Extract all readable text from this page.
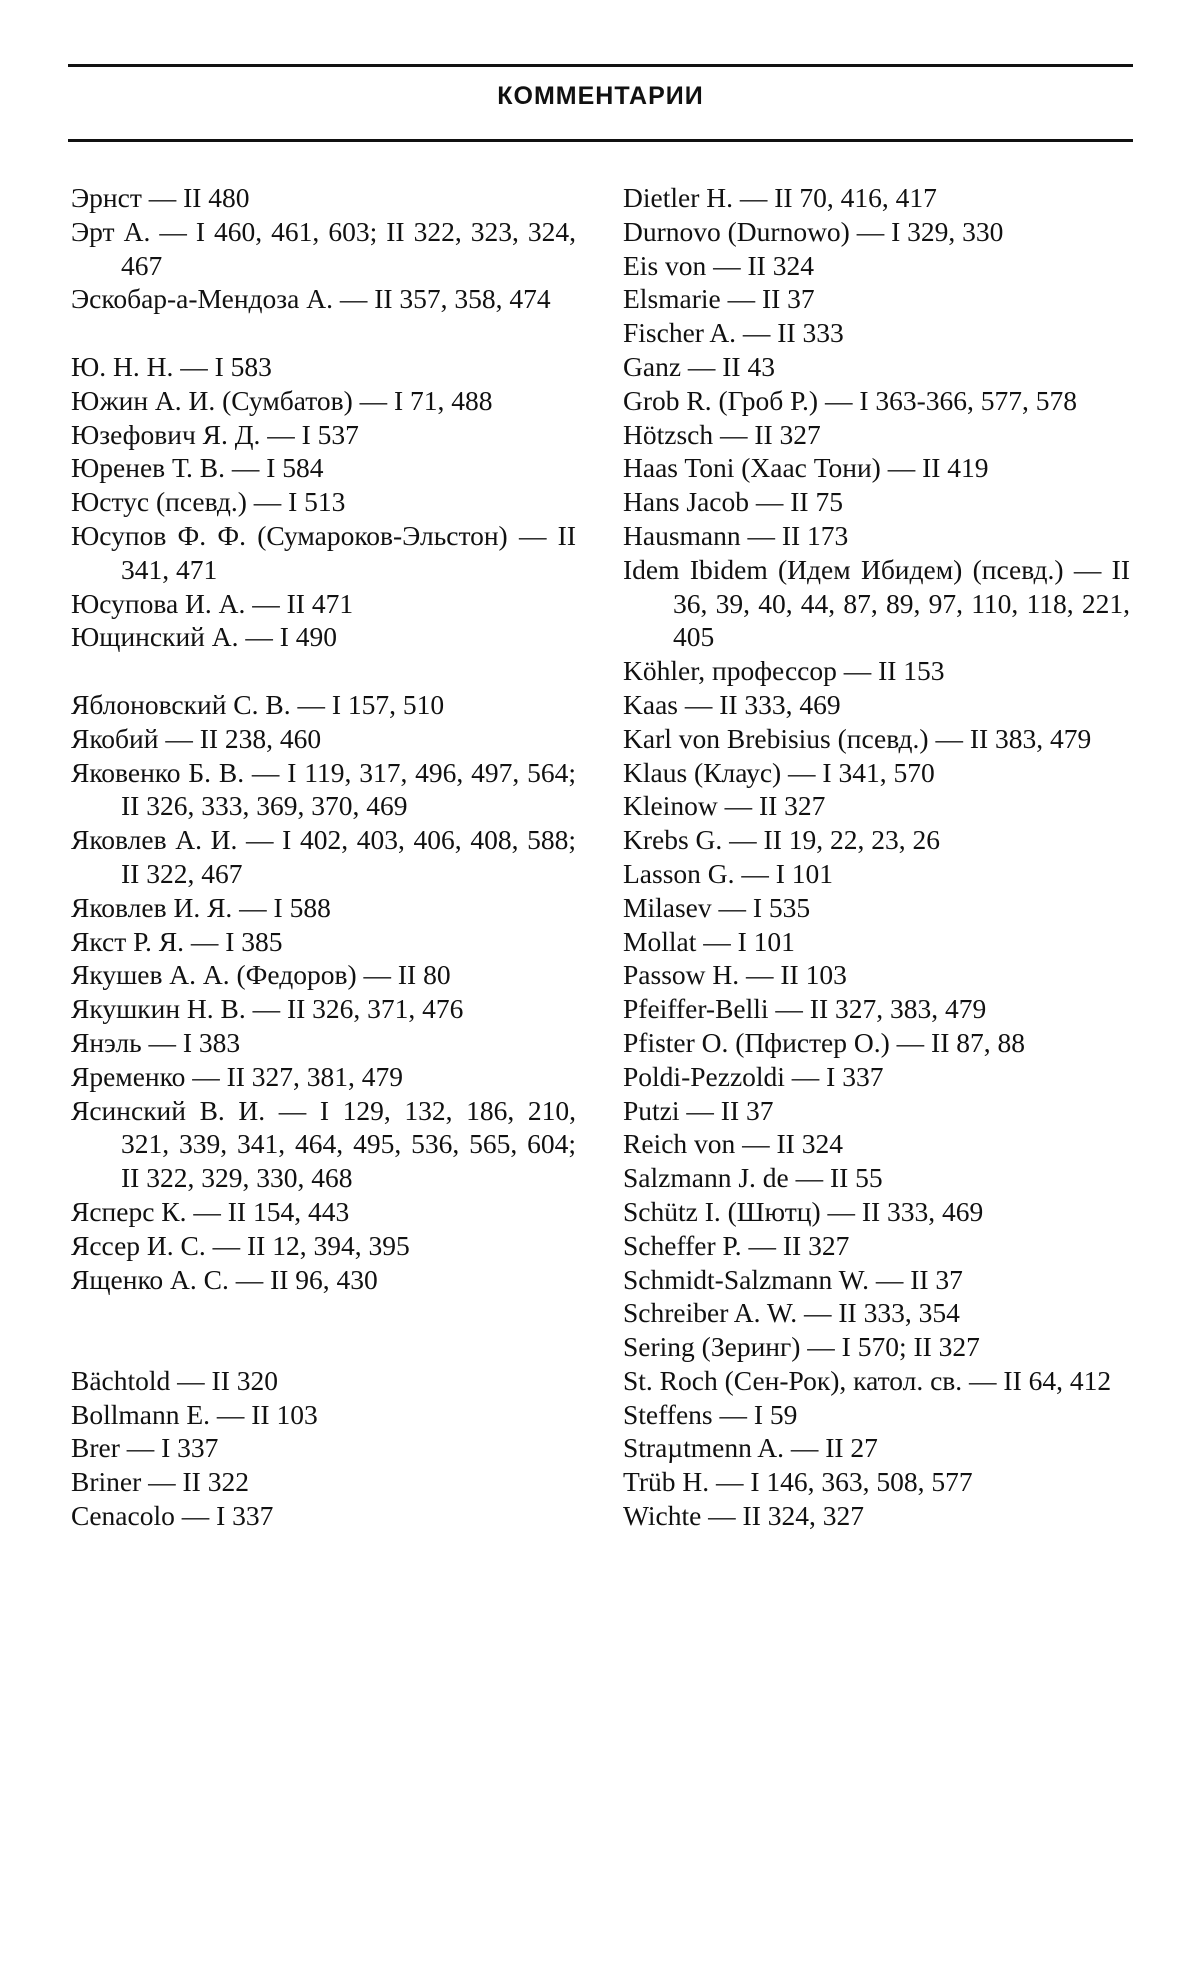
КОММЕНТАРИИ
Эрнст — II 480
Эрт А. — I 460, 461, 603; II 322, 323, 324, 467
Эскобар-а-Мендоза А. — II 357, 358, 474
Ю. Н. Н. — I 583
Южин А. И. (Сумбатов) — I 71, 488
Юзефович Я. Д. — I 537
Юренев Т. В. — I 584
Юстус (псевд.) — I 513
Юсупов Ф. Ф. (Сумароков-Эльстон) — II 341, 471
Юсупова И. А. — II 471
Ющинский А. — I 490
Яблоновский С. В. — I 157, 510
Якобий — II 238, 460
Яковенко Б. В. — I 119, 317, 496, 497, 564; II 326, 333, 369, 370, 469
Яковлев А. И. — I 402, 403, 406, 408, 588; II 322, 467
Яковлев И. Я. — I 588
Якст Р. Я. — I 385
Якушев А. А. (Федоров) — II 80
Якушкин Н. В. — II 326, 371, 476
Янэль — I 383
Яременко — II 327, 381, 479
Ясинский В. И. — I 129, 132, 186, 210, 321, 339, 341, 464, 495, 536, 565, 604; II 322, 329, 330, 468
Ясперс К. — II 154, 443
Яссер И. С. — II 12, 394, 395
Ященко А. С. — II 96, 430
Bächtold — II 320
Bollmann E. — II 103
Brer — I 337
Briner — II 322
Cenacolo — I 337
Dietler H. — II 70, 416, 417
Durnovo (Durnowo) — I 329, 330
Eis von — II 324
Elsmarie — II 37
Fischer A. — II 333
Ganz — II 43
Grob R. (Гроб Р.) — I 363-366, 577, 578
Hötzsch — II 327
Haas Toni (Хаас Тони) — II 419
Hans Jacob — II 75
Hausmann — II 173
Idem Ibidem (Идем Ибидем) (псевд.) — II 36, 39, 40, 44, 87, 89, 97, 110, 118, 221, 405
Köhler, профессор — II 153
Kaas — II 333, 469
Karl von Brebisius (псевд.) — II 383, 479
Klaus (Клаус) — I 341, 570
Kleinow — II 327
Krebs G. — II 19, 22, 23, 26
Lasson G. — I 101
Milasev — I 535
Mollat — I 101
Passow H. — II 103
Pfeiffer-Belli — II 327, 383, 479
Pfister O. (Пфистер О.) — II 87, 88
Poldi-Pezzoldi — I 337
Putzi — II 37
Reich von — II 324
Salzmann J. de — II 55
Schütz I. (Шютц) — II 333, 469
Scheffer P. — II 327
Schmidt-Salzmann W. — II 37
Schreiber A. W. — II 333, 354
Sering (Зеринг) — I 570; II 327
St. Roch (Сен-Рок), катол. св. — II 64, 412
Steffens — I 59
Straµtmenn A. — II 27
Trüb H. — I 146, 363, 508, 577
Wichte — II 324, 327
